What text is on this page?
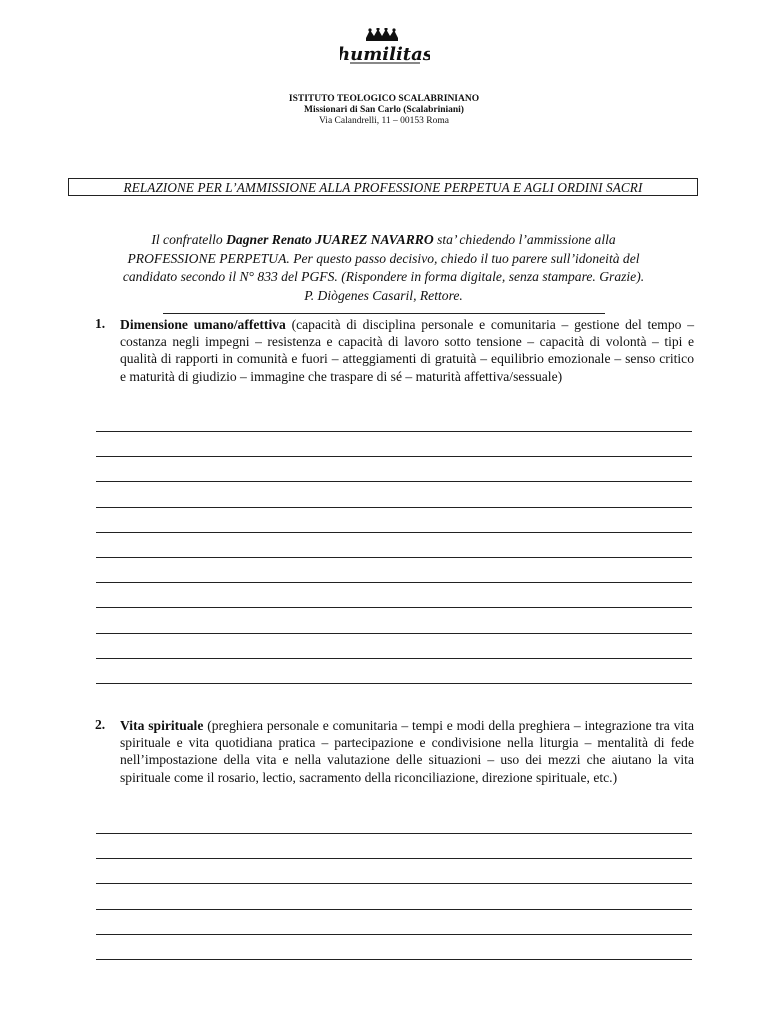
humilitas
ISTITUTO TEOLOGICO SCALABRINIANO
Missionari di San Carlo (Scalabriniani)
Via Calandrelli, 11 – 00153 Roma
RELAZIONE PER L’AMMISSIONE ALLA PROFESSIONE PERPETUA E AGLI ORDINI SACRI

Il confratello Dagner Renato JUAREZ NAVARRO sta’ chiedendo l’ammissione alla

PROFESSIONE PERPETUA. Per questo passo decisivo, chiedo il tuo parere sull’idoneità del

candidato secondo il N° 833 del PGFS. (Rispondere in forma digitale, senza stampare. Grazie).

P. Diògenes Casaril, Rettore.

1. Dimensione umano/affettiva (capacità di disciplina personale e comunitaria – gestione del tempo – costanza negli impegni – resistenza e capacità di lavoro sotto tensione – capacità di volontà – tipi e qualità di rapporti in comunità e fuori – atteggiamenti di gratuità – equilibrio emozionale – senso critico e maturità di giudizio – immagine che traspare di sé – maturità affettiva/sessuale)
2. Vita spirituale (preghiera personale e comunitaria – tempi e modi della preghiera – integrazione tra vita spirituale e vita quotidiana pratica – partecipazione e condivisione nella liturgia – mentalità di fede nell’impostazione della vita e nella valutazione delle situazioni – uso dei mezzi che aiutano la vita spirituale come il rosario, lectio, sacramento della riconciliazione, direzione spirituale, etc.)
